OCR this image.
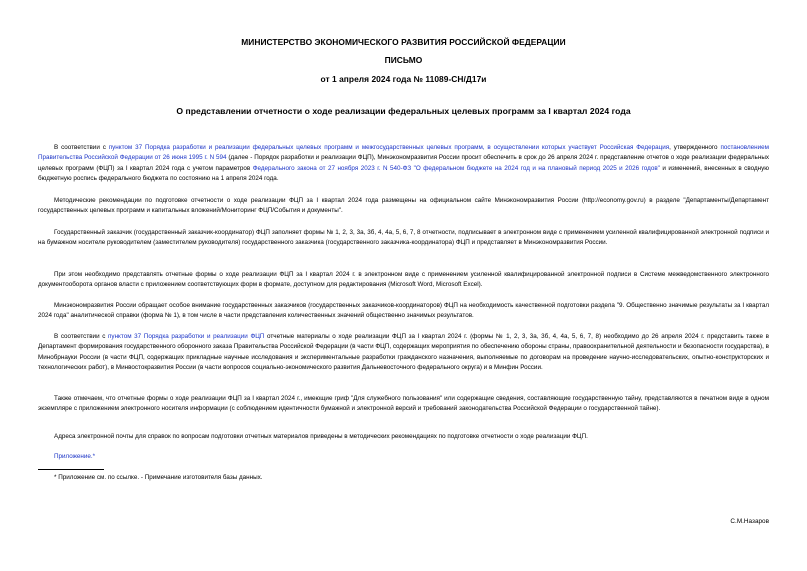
МИНИСТЕРСТВО ЭКОНОМИЧЕСКОГО РАЗВИТИЯ РОССИЙСКОЙ ФЕДЕРАЦИИ
ПИСЬМО
от 1 апреля 2024 года № 11089-СН/Д17и
О представлении отчетности о ходе реализации федеральных целевых программ за I квартал 2024 года

В соответствии с пунктом 37 Порядка разработки и реализации федеральных целевых программ и межгосударственных целевых программ, в осуществлении которых участвует Российская Федерация, утвержденного постановлением Правительства Российской Федерации от 26 июня 1995 г. N 594 (далее - Порядок разработки и реализации ФЦП), Минэкономразвития России просит обеспечить в срок до 26 апреля 2024 г. представление отчетов о ходе реализации федеральных целевых программ (ФЦП) за I квартал 2024 года с учетом параметров Федерального закона от 27 ноября 2023 г. N 540-ФЗ "О федеральном бюджете на 2024 год и на плановый период 2025 и 2026 годов" и изменений, внесенных в сводную бюджетную роспись федерального бюджета по состоянию на 1 апреля 2024 года.

Методические рекомендации по подготовке отчетности о ходе реализации ФЦП за I квартал 2024 года размещены на официальном сайте Минэкономразвития России (http://economy.gov.ru) в разделе "Департаменты/Департамент государственных целевых программ и капитальных вложений/Мониторинг ФЦП/События и документы".

Государственный заказчик (государственный заказчик-координатор) ФЦП заполняет формы № 1, 2, 3, 3а, 3б, 4, 4а, 5, 6, 7, 8 отчетности, подписывает в электронном виде с применением усиленной квалифицированной электронной подписи и на бумажном носителе руководителем (заместителем руководителя) государственного заказчика (государственного заказчика-координатора) ФЦП и представляет в Минэкономразвития России.

При этом необходимо представлять отчетные формы о ходе реализации ФЦП за I квартал 2024 г. в электронном виде с применением усиленной квалифицированной электронной подписи в Системе межведомственного электронного документооборота органов власти с приложением соответствующих форм в формате, доступном для редактирования (Microsoft Word, Microsoft Excel).

Минэкономразвития России обращает особое внимание государственных заказчиков (государственных заказчиков-координаторов) ФЦП на необходимость качественной подготовки раздела "9. Общественно значимые результаты за I квартал 2024 года" аналитической справки (форма № 1), в том числе в части представления количественных значений общественно значимых результатов.

В соответствии с пунктом 37 Порядка разработки и реализации ФЦП отчетные материалы о ходе реализации ФЦП за I квартал 2024 г. (формы № 1, 2, 3, 3а, 3б, 4, 4а, 5, 6, 7, 8) необходимо до 26 апреля 2024 г. представить также в Департамент формирования государственного оборонного заказа Правительства Российской Федерации (в части ФЦП, содержащих мероприятия по обеспечению обороны страны, правоохранительной деятельности и безопасности государства), в Минобрнауки России (в части ФЦП, содержащих прикладные научные исследования и экспериментальные разработки гражданского назначения, выполняемые по договорам на проведение научно-исследовательских, опытно-конструкторских и технологических работ), в Минвостокразвития России (в части вопросов социально-экономического развития Дальневосточного федерального округа) и в Минфин России.

Также отмечаем, что отчетные формы о ходе реализации ФЦП за I квартал 2024 г., имеющие гриф "Для служебного пользования" или содержащие сведения, составляющие государственную тайну, представляются в печатном виде в одном экземпляре с приложением электронного носителя информации (с соблюдением идентичности бумажной и электронной версий и требований законодательства Российской Федерации о государственной тайне).

Адреса электронной почты для справок по вопросам подготовки отчетных материалов приведены в методических рекомендациях по подготовке отчетности о ходе реализации ФЦП.

Приложение.*
* Приложение см. по ссылке. - Примечание изготовителя базы данных.
С.М.Назаров
